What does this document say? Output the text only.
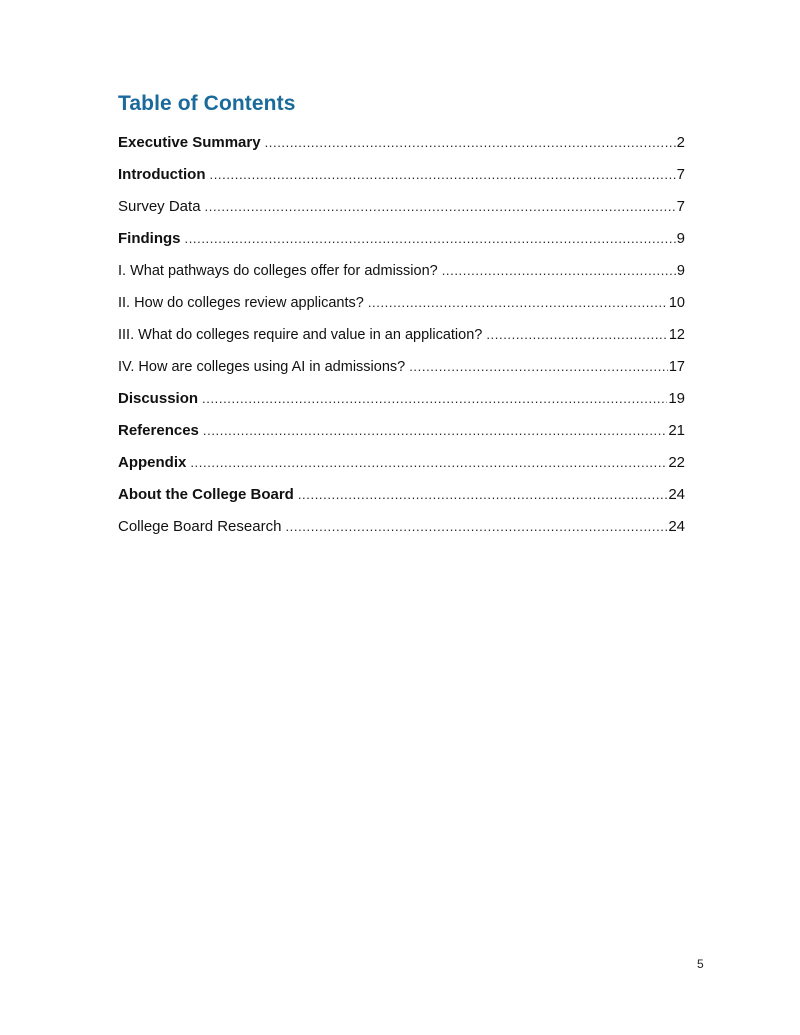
Table of Contents
Executive Summary .....	2
Introduction .....	7
Survey Data .....	7
Findings .....	9
I. What pathways do colleges offer for admission? .....	9
II. How do colleges review applicants? .....	10
III. What do colleges require and value in an application? .....	12
IV. How are colleges using AI in admissions? .....	17
Discussion .....	19
References .....	21
Appendix .....	22
About the College Board .....	24
College Board Research .....	24
5
